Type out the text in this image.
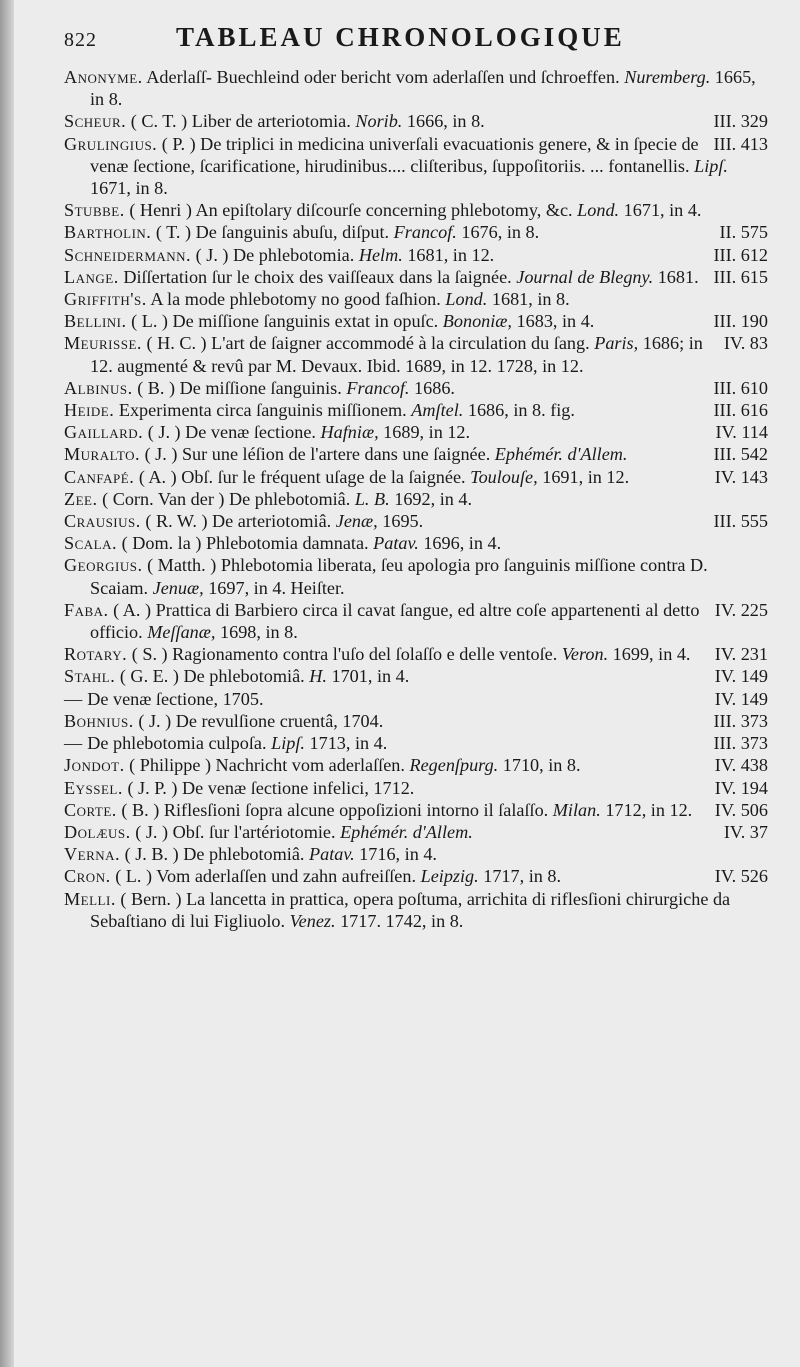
822	TABLEAU CHRONOLOGIQUE
Anonyme. Aderlaſſ- Buechleind oder bericht vom aderlaſſen und ſchroeffen. Nuremberg. 1665, in 8.
III. 329
Scheur. ( C. T. ) Liber de arteriotomia. Norib. 1666, in 8.
III. 413
Grulingius. ( P. ) De triplici in medicina univerſali evacuationis genere, & in ſpecie de venæ ſectione, ſcarificatione, hirudinibus.... cliſteribus, ſuppoſitoriis. ... fontanellis. Lipſ. 1671, in 8.
Stubbe. ( Henri ) An epiſtolary diſcourſe concerning phlebotomy, &c. Lond. 1671, in 4.
II. 575
Bartholin. ( T. ) De ſanguinis abuſu, diſput. Francof. 1676, in 8.
III. 612
Schneidermann. ( J. ) De phlebotomia. Helm. 1681, in 12.
III. 615
Lange. Diſſertation ſur le choix des vaiſſeaux dans la ſaignée. Journal de Blegny. 1681.
Griffith's. A la mode phlebotomy no good faſhion. Lond. 1681, in 8.
III. 190
Bellini. ( L. ) De miſſione ſanguinis extat in opuſc. Bononiæ, 1683, in 4.
IV. 83
Meurisse. ( H. C. ) L'art de ſaigner accommodé à la circulation du ſang. Paris, 1686; in 12. augmenté & revû par M. Devaux. Ibid. 1689, in 12. 1728, in 12.
III. 610
Albinus. ( B. ) De miſſione ſanguinis. Francof. 1686.
III. 616
Heide. Experimenta circa ſanguinis miſſionem. Amſtel. 1686, in 8. fig.
IV. 114
Gaillard. ( J. ) De venæ ſectione. Hafniæ, 1689, in 12.
III. 542
Muralto. ( J. ) Sur une léſion de l'artere dans une ſaignée. Ephémér. d'Allem.
IV. 143
Canfapé. ( A. ) Obſ. ſur le fréquent uſage de la ſaignée. Toulouſe, 1691, in 12.
Zee. ( Corn. Van der ) De phlebotomiâ. L. B. 1692, in 4.
III. 555
Crausius. ( R. W. ) De arteriotomiâ. Jenæ, 1695.
Scala. ( Dom. la ) Phlebotomia damnata. Patav. 1696, in 4.
Georgius. ( Matth. ) Phlebotomia liberata, ſeu apologia pro ſanguinis miſſione contra D. Scaiam. Jenuæ, 1697, in 4. Heiſter.
IV. 225
Faba. ( A. ) Prattica di Barbiero circa il cavat ſangue, ed altre coſe appartenenti al detto officio. Meſſanæ, 1698, in 8.
IV. 231
Rotary. ( S. ) Ragionamento contra l'uſo del ſolaſſo e delle ventoſe. Veron. 1699, in 4.
IV. 149
Stahl. ( G. E. ) De phlebotomiâ. H. 1701, in 4.
IV. 149
— De venæ ſectione, 1705.
III. 373
Bohnius. ( J. ) De revulſione cruentâ, 1704.
III. 373
— De phlebotomia culpoſa. Lipſ. 1713, in 4.
IV. 438
Jondot. ( Philippe ) Nachricht vom aderlaſſen. Regenſpurg. 1710, in 8.
IV. 194
Eyssel. ( J. P. ) De venæ ſectione infelici, 1712.
IV. 506
Corte. ( B. ) Riflesſioni ſopra alcune oppoſizioni intorno il ſalaſſo. Milan. 1712, in 12.
IV. 37
Dolæus. ( J. ) Obſ. ſur l'artériotomie. Ephémér. d'Allem.
Verna. ( J. B. ) De phlebotomiâ. Patav. 1716, in 4.
IV. 526
Cron. ( L. ) Vom aderlaſſen und zahn aufreiſſen. Leipzig. 1717, in 8.
Melli. ( Bern. ) La lancetta in prattica, opera poſtuma, arrichita di riflesſioni chirurgiche da Sebaſtiano di lui Figliuolo. Venez. 1717. 1742, in 8.
